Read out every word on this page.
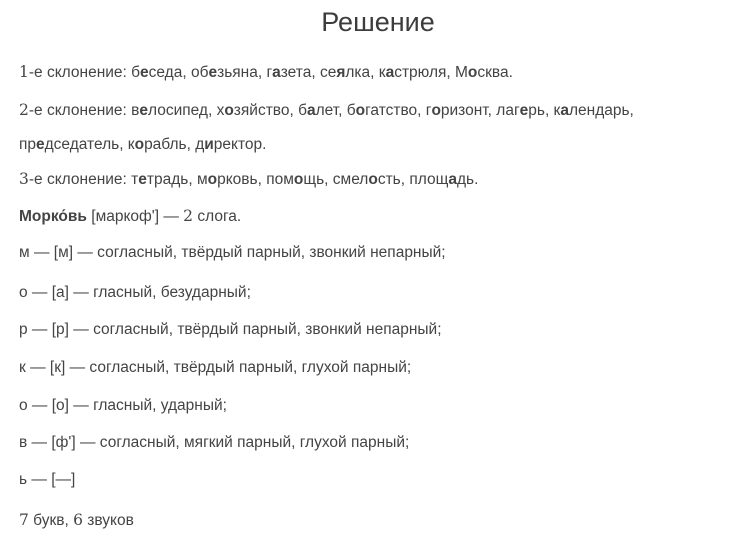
Решение
1-е склонение: беседа, обезьяна, газета, сеялка, кастрюля, Москва.
2-е склонение: велосипед, хозяйство, балет, богатство, горизонт, лагерь, календарь,
председатель, корабль, директор.
3-е склонение: тетрадь, морковь, помощь, смелость, площадь.
Морко́вь [маркоф'] — 2 слога.
м — [м] — согласный, твёрдый парный, звонкий непарный;
о — [а] — гласный, безударный;
р — [р] — согласный, твёрдый парный, звонкий непарный;
к — [к] — согласный, твёрдый парный, глухой парный;
о — [о] — гласный, ударный;
в — [ф'] — согласный, мягкий парный, глухой парный;
ь — [—]
7 букв, 6 звуков
